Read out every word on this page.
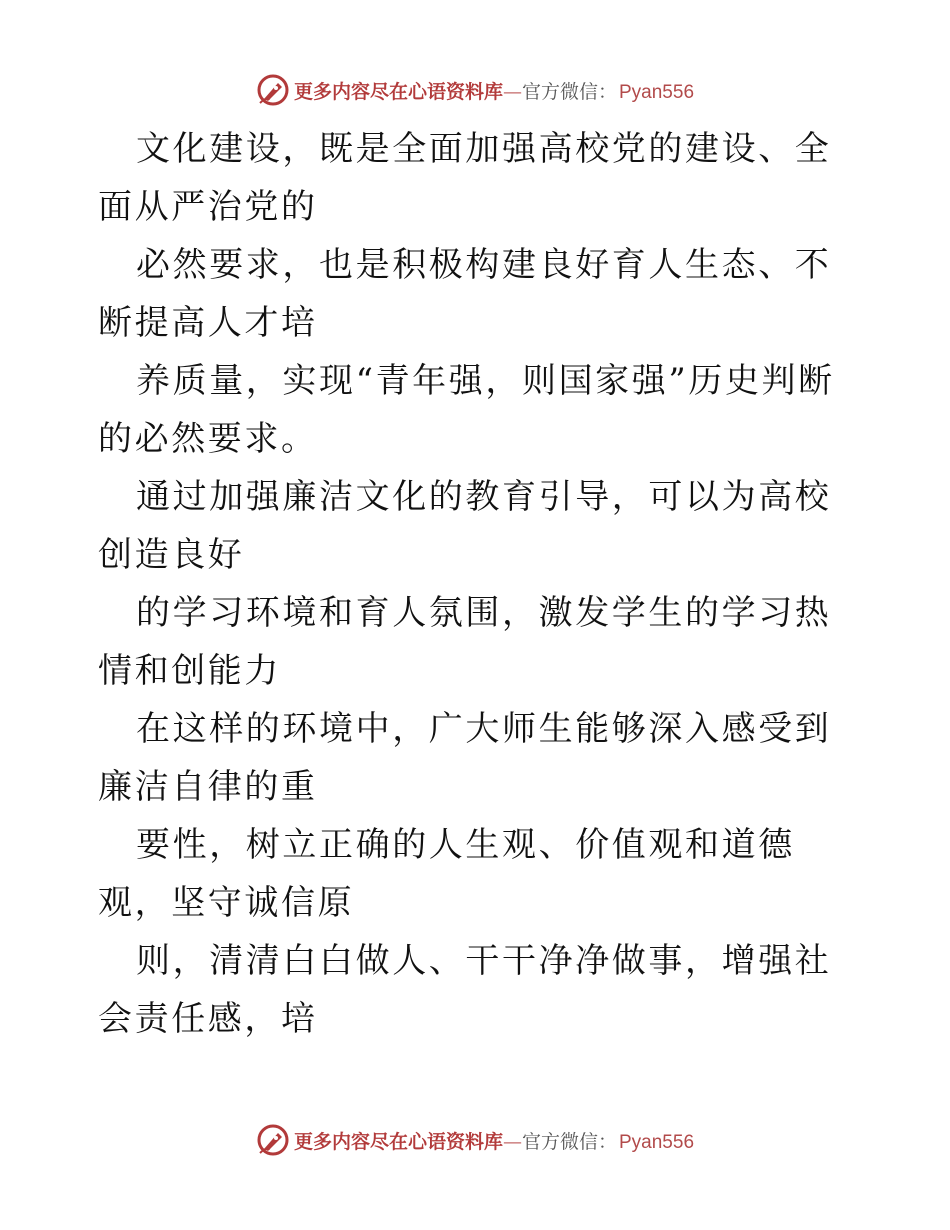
更多内容尽在心语资料库 — 官方微信： Pyan556

文化建设，既是全面加强高校党的建设、全面从严治党的

必然要求，也是积极构建良好育人生态、不断提高人才培

养质量，实现“青年强，则国家强”历史判断的必然要求。

通过加强廉洁文化的教育引导，可以为高校创造良好

的学习环境和育人氛围，激发学生的学习热情和创能力

在这样的环境中，广大师生能够深入感受到廉洁自律的重

要性，树立正确的人生观、价值观和道德观，坚守诚信原

则，清清白白做人、干干净净做事，增强社会责任感，培

更多内容尽在心语资料库 — 官方微信： Pyan556
